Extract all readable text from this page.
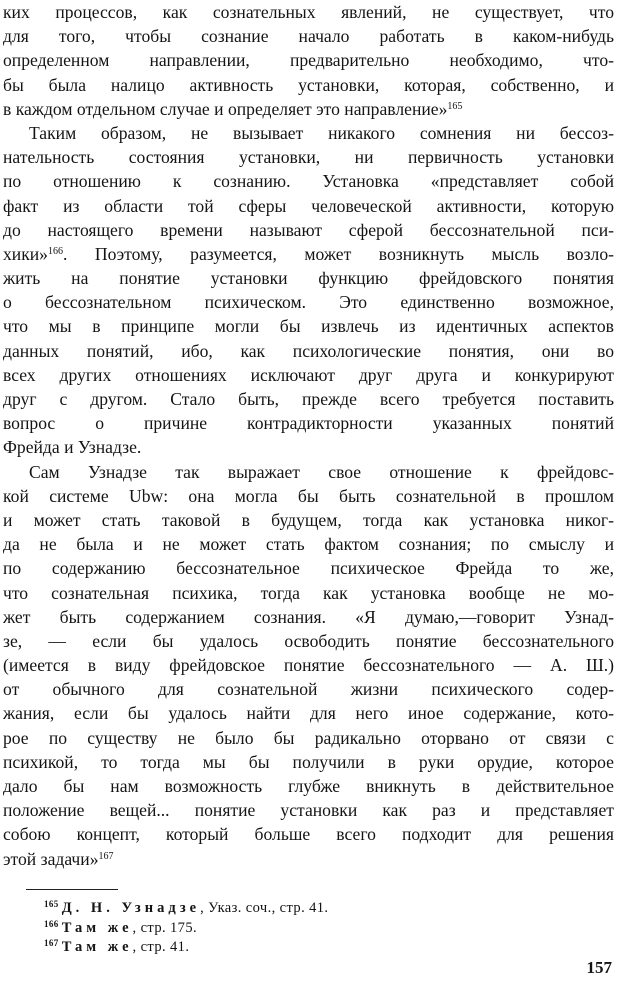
ких процессов, как сознательных явлений, не существует, что
для того, чтобы сознание начало работать в каком-нибудь
определенном направлении, предварительно необходимо, что-
бы была налицо активность установки, которая, собственно, и
в каждом отдельном случае и определяет это направление»$^{165}$
Таким образом, не вызывает никакого сомнения ни бессоз-
нательность состояния установки, ни первичность установки
по отношению к сознанию. Установка «представляет собой
факт из области той сферы человеческой активности, которую
до настоящего времени называют сферой бессознательной пси-
хики»$^{166}$. Поэтому, разумеется, может возникнуть мысль возло-
жить на понятие установки функцию фрейдовского понятия
о бессознательном психическом. Это единственно возможное,
что мы в принципе могли бы извлечь из идентичных аспектов
данных понятий, ибо, как психологические понятия, они во
всех других отношениях исключают друг друга и конкурируют
друг с другом. Стало быть, прежде всего требуется поставить
вопрос о причине контрадикторности указанных понятий
Фрейда и Узнадзе.
Сам Узнадзе так выражает свое отношение к фрейдовс-
кой системе Ubw: она могла бы быть сознательной в прошлом
и может стать таковой в будущем, тогда как установка никог-
да не была и не может стать фактом сознания; по смыслу и
по содержанию бессознательное психическое Фрейда то же,
что сознательная психика, тогда как установка вообще не мо-
жет быть содержанием сознания. «Я думаю,—говорит Узнад-
зе, — если бы удалось освободить понятие бессознательного
(имеется в виду фрейдовское понятие бессознательного — А. Ш.)
от обычного для сознательной жизни психического содер-
жания, если бы удалось найти для него иное содержание, кото-
рое по существу не было бы радикально оторвано от связи с
психикой, то тогда мы бы получили в руки орудие, которое
дало бы нам возможность глубже вникнуть в действительное
положение вещей... понятие установки как раз и представляет
собою концепт, который больше всего подходит для решения
этой задачи»$^{167}$
$^{165}$ Д. Н. Узнадзе, Указ. соч., стр. 41.
$^{166}$ Там же, стр. 175.
$^{167}$ Там же, стр. 41.
157
